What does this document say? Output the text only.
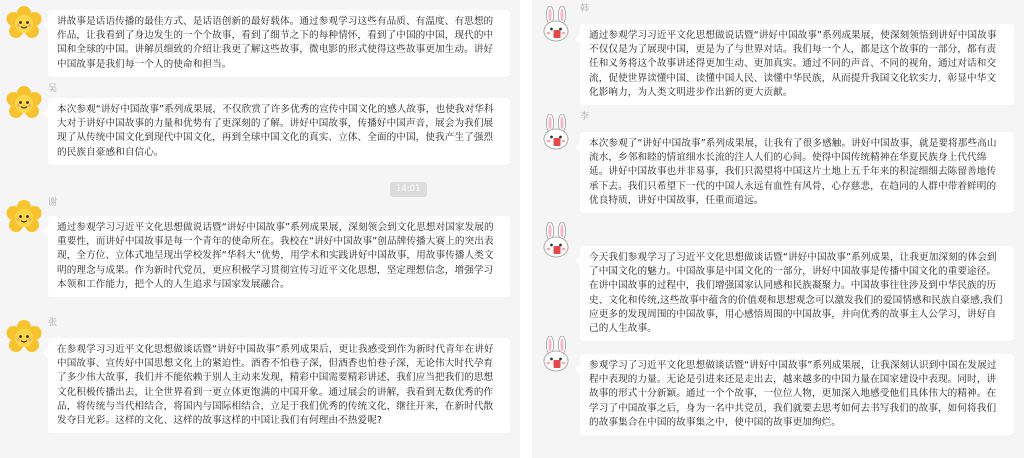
讲故事是话语传播的最佳方式、是话语创新的最好载体。通过参观学习这些有品质、有温度、有思想的作品，让我看到了身边发生的一个个故事，看到了细节之下的每种情怀，看到了中国的中国，现代的中国和全球的中国。讲解员细致的介绍让我更了解这些故事，微电影的形式使得这些故事更加生动。讲好中国故事是我们每一个人的使命和担当。
吴
本次参观“讲好中国故事”系列成果展，不仅欣赏了许多优秀的宣传中国文化的感人故事，也使我对华科大对于讲好中国故事的力量和优势有了更深刻的了解。讲好中国故事，传播好中国声音，展会为我们展现了从传统中国文化到现代中国文化，再到全球中国文化的真实、立体、全面的中国，使我产生了强烈的民族自豪感和自信心。
14:01
谢
通过参观学习习近平文化思想做说话暨“讲好中国故事”系列成果展，深刻领会到文化思想对国家发展的重要性，而讲好中国故事是每一个青年的使命所在。我校在“讲好中国故事”创品牌传播大赛上的突出表现，全方位、立体式地呈现出学校发挥“华科大”优势，用学术和实践讲好中国故事，用故事传播人类文明的理念与成果。作为新时代党员，更应积极学习贯彻宣传习近平文化思想，坚定理想信念，增强学习本领和工作能力，把个人的人生追求与国家发展融合。
张
在参观学习习近平文化思想做谈话暨“讲好中国故事”系列成果后，更让我感受到作为新时代青年在讲好中国故事、宣传好中国思想文化上的紧迫性。酒香不怕巷子深，但酒香也怕巷子深，无论伟大时代孕育了多少伟大故事，我们并不能依赖于别人主动来发现，精彩中国需要精彩讲述，我们应当把我们的思想文化积极传播出去，让全世界看到一更立体更饱满的中国开象。通过展会的讲解，我看到无数优秀的作品，将传统与当代相结合，将国内与国际相结合，立足于我们优秀的传统文化，继往开来，在新时代散发夺目光彩。这样的文化、这样的故事这样的中国让我们有何理由不热爱呢?
韩
通过参观学习习近平文化思想做说话暨“讲好中国故事”系列成果展，使深刻领悟到讲好中国故事不仅仅是为了展现中国，更是为了与世界对话。我们每一个人，都是这个故事的一部分，都有责任和义务将这个故事讲述得更加生动、更加真实。通过不同的声音、不同的视角，通过对话和交流，促使世界读懂中国、读懂中国人民、读懂中华民族，从而提升我国文化软实力，彰显中华文化影响力，为人类文明进步作出新的更大贡献。
李
本次参观了“讲好中国故事”系列成果展，让我有了很多感触。讲好中国故事，就是要将那些高山流水，乡邻和睦的情谊细水长流的注人人们的心间。使得中国传统精神在华夏民族身上代代绵延。讲好中国故事也并非易事，我们只渴望将中国这片土地上五千年来的积淀细细去陈留善地传承下去。我们只希望下一代的中国人永远有血性有风骨，心存慈悲，在趋同的人群中带着鲜明的优良特质，讲好中国故事，任重而道远。
今天我们参观学习了习近平文化思想做谈话暨“讲好中国故事”系列成果，让我更加深刻的体会到了中国文化的魅力。中国故事是中国文化的一部分，讲好中国故事是传播中国文化的重要途径。在讲中国故事的过程中，我们增强国家认同感和民族凝聚力。中国故事往往涉及到中华民族的历史、文化和传统,这些故事中蕴含的价值观和思想观念可以激发我们的爱国情感和民族自豪感,我们应更多的发现周围的中国故事，用心感悟周围的中国故事，并向优秀的故事主人公学习，讲好自己的人生故事。
参观学习了习近平文化思想做谈话暨“讲好中国故事”系列成果展，让我深刻认识到中国在发展过程中表现的力量。无论是引进来还是走出去，越来越多的中国力量在国家建设中表现。同时，讲故事的形式十分新颖。通过一个个故事，一位位人物，更加深入地感受他们具体伟大的精神。在学习了中国故事之后，身为一名中共党员，我们就要去思考如何去书写我们的故事，如何将我们的故事集合在中国的故事集之中，使中国的故事更加绚烂。
